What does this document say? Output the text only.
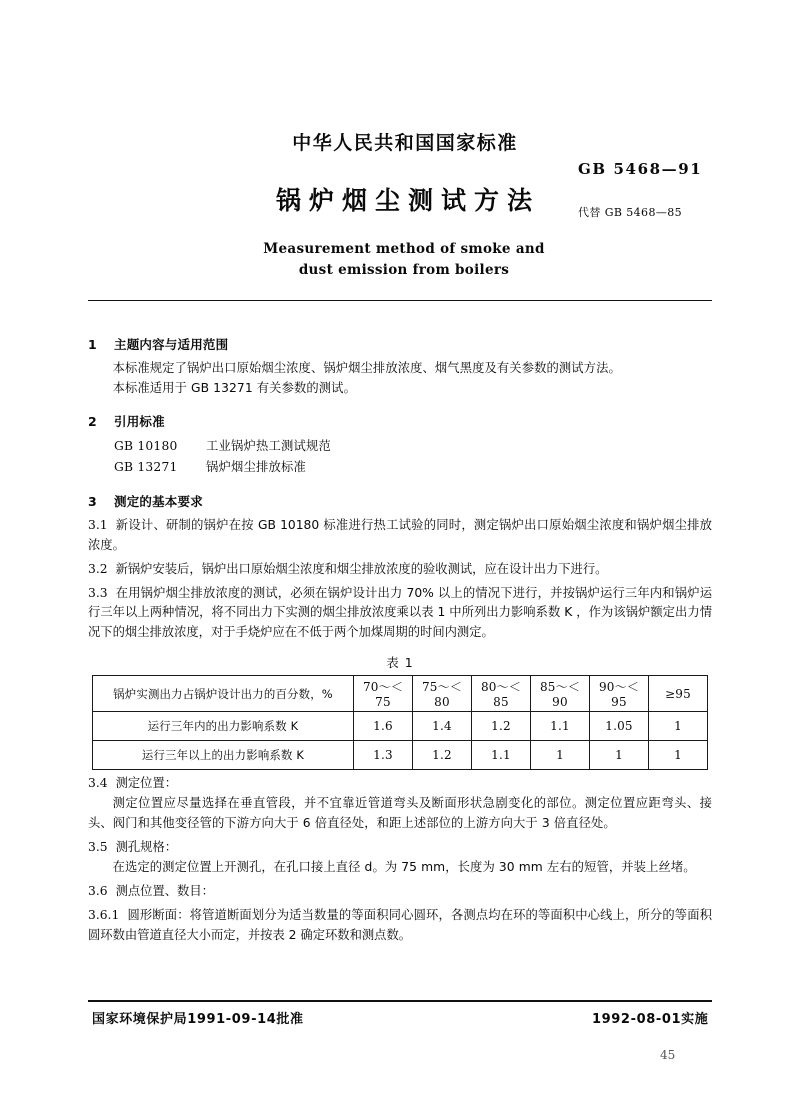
中华人民共和国国家标准
锅炉烟尘测试方法
Measurement method of smoke and
dust emission from boilers
GB 5468—91
代替 GB 5468—85
1 主题内容与适用范围
本标准规定了锅炉出口原始烟尘浓度、锅炉烟尘排放浓度、烟气黑度及有关参数的测试方法。
本标准适用于 GB 13271 有关参数的测试。
2 引用标准
GB 10180 工业锅炉热工测试规范
GB 13271 锅炉烟尘排放标准
3 测定的基本要求
3.1 新设计、研制的锅炉在按 GB 10180 标准进行热工试验的同时，测定锅炉出口原始烟尘浓度和锅炉烟尘排放浓度。
3.2 新锅炉安装后，锅炉出口原始烟尘浓度和烟尘排放浓度的验收测试，应在设计出力下进行。
3.3 在用锅炉烟尘排放浓度的测试，必须在锅炉设计出力 70% 以上的情况下进行，并按锅炉运行三年内和锅炉运行三年以上两种情况，将不同出力下实测的烟尘排放浓度乘以表 1 中所列出力影响系数 K ，作为该锅炉额定出力情况下的烟尘排放浓度，对于手烧炉应在不低于两个加煤周期的时间内测定。
表 1
锅炉实测出力占锅炉设计出力的百分数，%	70～＜75	75～＜80	80～＜85	85～＜90	90～＜95	≥95
运行三年内的出力影响系数 K	1.6	1.4	1.2	1.1	1.05	1
运行三年以上的出力影响系数 K	1.3	1.2	1.1	1	1	1
3.4 测定位置：
测定位置应尽量选择在垂直管段，并不宜靠近管道弯头及断面形状急剧变化的部位。测定位置应距弯头、接头、阀门和其他变径管的下游方向大于 6 倍直径处，和距上述部位的上游方向大于 3 倍直径处。
3.5 测孔规格：
在选定的测定位置上开测孔，在孔口接上直径 d。为 75 mm，长度为 30 mm 左右的短管，并装上丝堵。
3.6 测点位置、数目：
3.6.1 圆形断面：将管道断面划分为适当数量的等面积同心圆环，各测点均在环的等面积中心线上，所分的等面积圆环数由管道直径大小而定，并按表 2 确定环数和测点数。
国家环境保护局1991-09-14批准	1992-08-01实施
45
